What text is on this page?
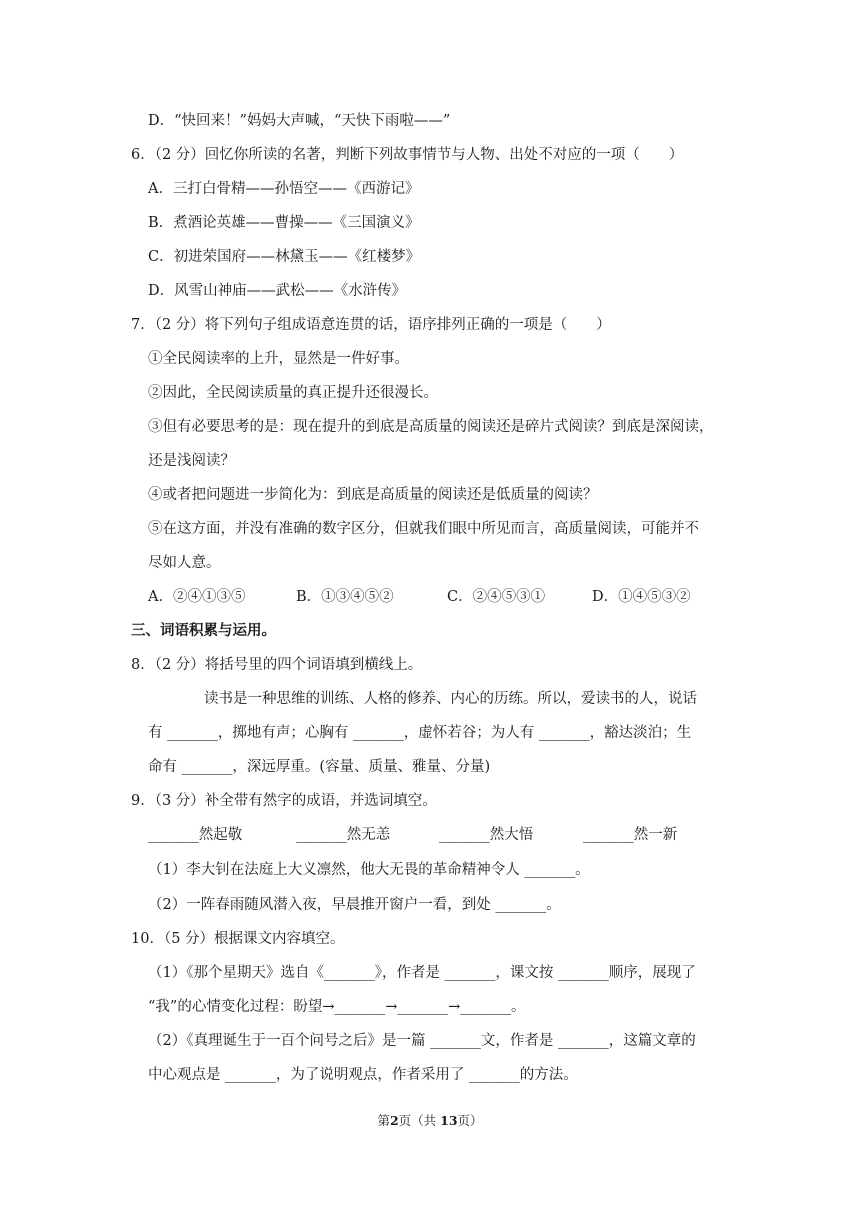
D．“快回来！”妈妈大声喊，“天快下雨啦——”
6．（2 分）回忆你所读的名著，判断下列故事情节与人物、出处不对应的一项（　　）
A．三打白骨精——孙悟空——《西游记》
B．煮酒论英雄——曹操——《三国演义》
C．初进荣国府——林黛玉——《红楼梦》
D．风雪山神庙——武松——《水浒传》
7．（2 分）将下列句子组成语意连贯的话，语序排列正确的一项是（　　）
①全民阅读率的上升，显然是一件好事。
②因此，全民阅读质量的真正提升还很漫长。
③但有必要思考的是：现在提升的到底是高质量的阅读还是碎片式阅读？到底是深阅读，
还是浅阅读？
④或者把问题进一步简化为：到底是高质量的阅读还是低质量的阅读？
⑤在这方面，并没有准确的数字区分，但就我们眼中所见而言，高质量阅读，可能并不
尽如人意。
A．②④①③⑤	B．①③④⑤②	C．②④⑤③①	D．①④⑤③②
三、词语积累与运用。
8．（2 分）将括号里的四个词语填到横线上。
读书是一种思维的训练、人格的修养、内心的历练。所以，爱读书的人，说话
有 _______，掷地有声；心胸有 _______，虚怀若谷；为人有 _______，豁达淡泊；生
命有 _______，深远厚重。(容量、质量、雅量、分量)
9．（3 分）补全带有然字的成语，并选词填空。
_______然起敬	_______然无恙	_______然大悟	_______然一新
（1）李大钊在法庭上大义凛然，他大无畏的革命精神令人 _______。
（2）一阵春雨随风潜入夜，早晨推开窗户一看，到处 _______。
10．（5 分）根据课文内容填空。
（1）《那个星期天》选自《_______》，作者是 _______，课文按 _______顺序，展现了
“我”的心情变化过程：盼望→_______→_______→_______。
（2）《真理诞生于一百个问号之后》是一篇 _______文，作者是 _______，这篇文章的
中心观点是 _______，为了说明观点，作者采用了 _______的方法。
第2页（共 13页）
